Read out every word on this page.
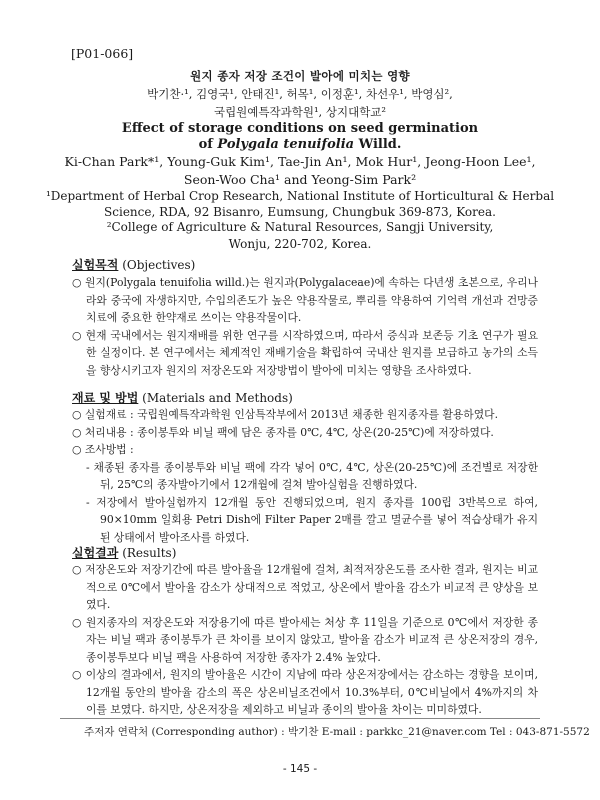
[P01-066]
원지 종자 저장 조건이 발아에 미치는 영향
박기찬·¹, 김영국¹, 안태진¹, 허목¹, 이정훈¹, 차선우¹, 박영심²,
국립원예특작과학원¹, 상지대학교²
Effect of storage conditions on seed germination
of Polygala tenuifolia Willd.
Ki-Chan Park*¹, Young-Guk Kim¹, Tae-Jin An¹, Mok Hur¹, Jeong-Hoon Lee¹,
Seon-Woo Cha¹ and Yeong-Sim Park²
¹Department of Herbal Crop Research, National Institute of Horticultural & Herbal
Science, RDA, 92 Bisanro, Eumsung, Chungbuk 369-873, Korea.
²College of Agriculture & Natural Resources, Sangji University,
Wonju, 220-702, Korea.
실험목적 (Objectives)
○ 원지(Polygala tenuifolia willd.)는 원지과(Polygalaceae)에 속하는 다년생 초본으로, 우리나라와 중국에 자생하지만, 수입의존도가 높은 약용작물로, 뿌리를 약용하여 기억력 개선과 건망증치료에 중요한 한약재로 쓰이는 약용작물이다.
○ 현재 국내에서는 원지재배를 위한 연구를 시작하였으며, 따라서 증식과 보존등 기초 연구가 필요한 실정이다. 본 연구에서는 체계적인 재배기술을 확립하여 국내산 원지를 보급하고 농가의 소득을 향상시키고자 원지의 저장온도와 저장방법이 발아에 미치는 영향을 조사하였다.
재료 및 방법 (Materials and Methods)
○ 실험재료 : 국립원예특작과학원 인삼특작부에서 2013년 채종한 원지종자를 활용하였다.
○ 처리내용 : 종이봉투와 비닐 팩에 담은 종자를 0℃, 4℃, 상온(20-25℃)에 저장하였다.
○ 조사방법 :
- 채종된 종자를 종이봉투와 비닐 팩에 각각 넣어 0℃, 4℃, 상온(20-25℃)에 조건별로 저장한 뒤, 25℃의 종자발아기에서 12개월에 걸쳐 발아실험을 진행하였다.
- 저장에서 발아실험까지 12개월 동안 진행되었으며, 원지 종자를 100립 3반복으로 하여, 90×10mm 일회용 Petri Dish에 Filter Paper 2매를 깔고 멸균수를 넣어 적습상태가 유지된 상태에서 발아조사를 하였다.
실험결과 (Results)
○ 저장온도와 저장기간에 따른 발아율을 12개월에 걸쳐, 최적저장온도를 조사한 결과, 원지는 비교적으로 0℃에서 발아율 감소가 상대적으로 적었고, 상온에서 발아율 감소가 비교적 큰 양상을 보였다.
○ 원지종자의 저장온도와 저장용기에 따른 발아세는 처상 후 11일을 기준으로 0℃에서 저장한 종자는 비닐 팩과 종이봉투가 큰 차이를 보이지 않았고, 발아율 감소가 비교적 큰 상온저장의 경우, 종이봉투보다 비닐 팩을 사용하여 저장한 종자가 2.4% 높았다.
○ 이상의 결과에서, 원지의 발아율은 시간이 지남에 따라 상온저장에서는 감소하는 경향을 보이며, 12개월 동안의 발아율 감소의 폭은 상온비닐조건에서 10.3%부터, 0℃비닐에서 4%까지의 차이를 보였다. 하지만, 상온저장을 제외하고 비닐과 종이의 발아율 차이는 미미하였다.
주저자 연락처 (Corresponding author) : 박기찬 E-mail : parkkc_21@naver.com Tel : 043-871-5572
- 145 -
